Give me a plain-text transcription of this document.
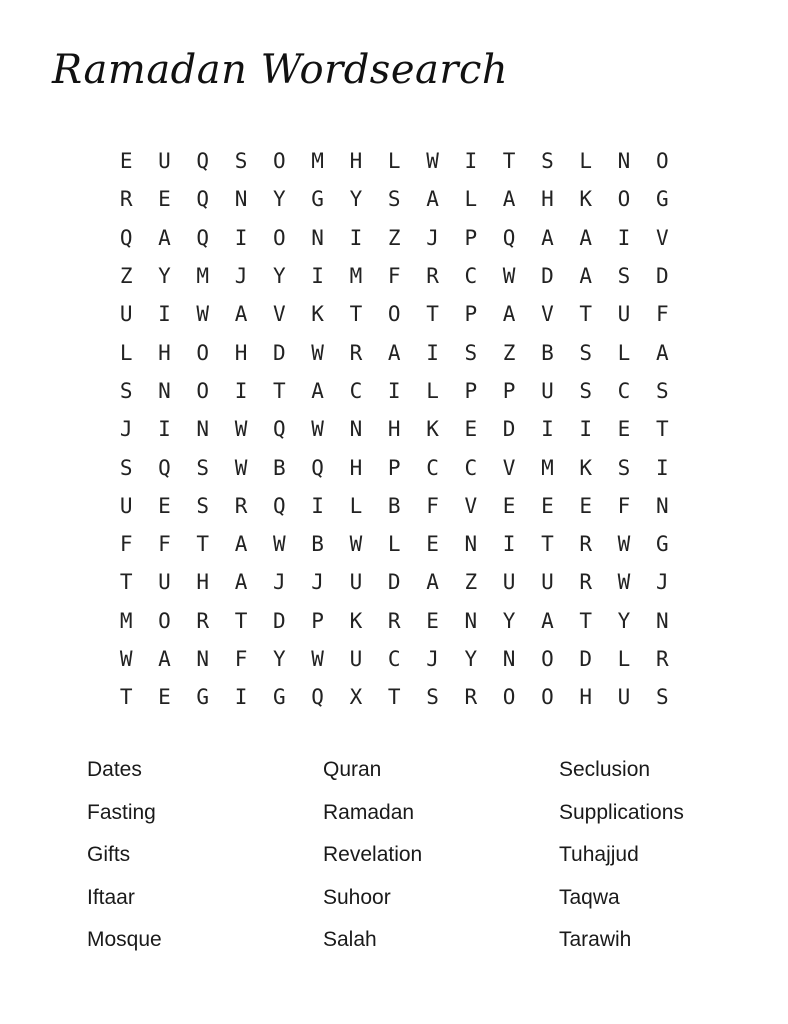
Ramadan Wordsearch
E	U	Q	S	O	M	H	L	W	I	T	S	L	N	O
R	E	Q	N	Y	G	Y	S	A	L	A	H	K	O	G
Q	A	Q	I	O	N	I	Z	J	P	Q	A	A	I	V
Z	Y	M	J	Y	I	M	F	R	C	W	D	A	S	D
U	I	W	A	V	K	T	O	T	P	A	V	T	U	F
L	H	O	H	D	W	R	A	I	S	Z	B	S	L	A
S	N	O	I	T	A	C	I	L	P	P	U	S	C	S
J	I	N	W	Q	W	N	H	K	E	D	I	I	E	T
S	Q	S	W	B	Q	H	P	C	C	V	M	K	S	I
U	E	S	R	Q	I	L	B	F	V	E	E	E	F	N
F	F	T	A	W	B	W	L	E	N	I	T	R	W	G
T	U	H	A	J	J	U	D	A	Z	U	U	R	W	J
M	O	R	T	D	P	K	R	E	N	Y	A	T	Y	N
W	A	N	F	Y	W	U	C	J	Y	N	O	D	L	R
T	E	G	I	G	Q	X	T	S	R	O	O	H	U	S
Dates	Quran	Seclusion
Fasting	Ramadan	Supplications
Gifts	Revelation	Tuhajjud
Iftaar	Suhoor	Taqwa
Mosque	Salah	Tarawih
